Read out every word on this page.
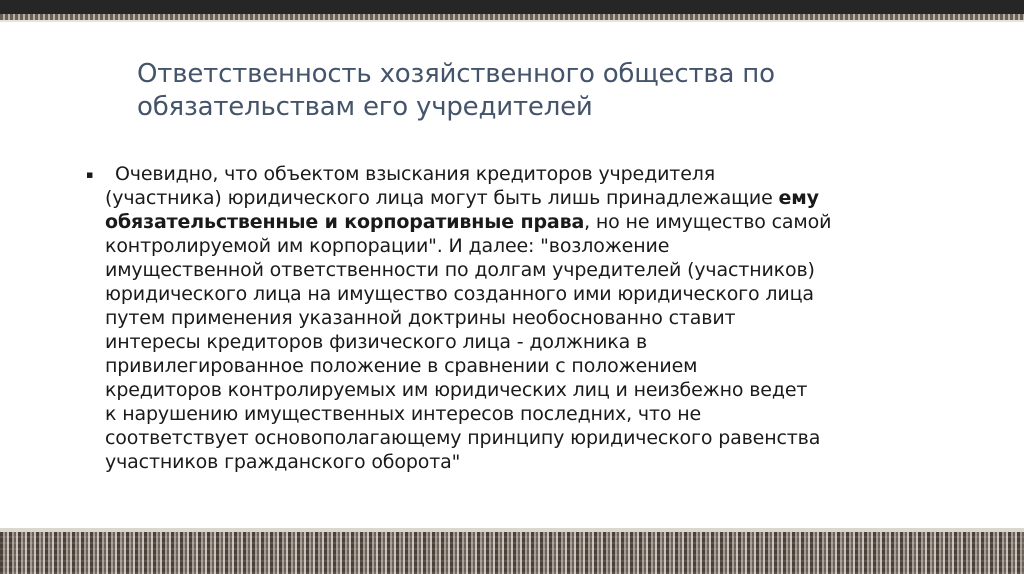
Ответственность хозяйственного общества по
обязательствам его учредителей

▪ Очевидно, что объектом взыскания кредиторов учредителя
(участника) юридического лица могут быть лишь принадлежащие ему
обязательственные и корпоративные права, но не имущество самой
контролируемой им корпорации". И далее: "возложение
имущественной ответственности по долгам учредителей (участников)
юридического лица на имущество созданного ими юридического лица
путем применения указанной доктрины необоснованно ставит
интересы кредиторов физического лица - должника в
привилегированное положение в сравнении с положением
кредиторов контролируемых им юридических лиц и неизбежно ведет
к нарушению имущественных интересов последних, что не
соответствует основополагающему принципу юридического равенства
участников гражданского оборота"
